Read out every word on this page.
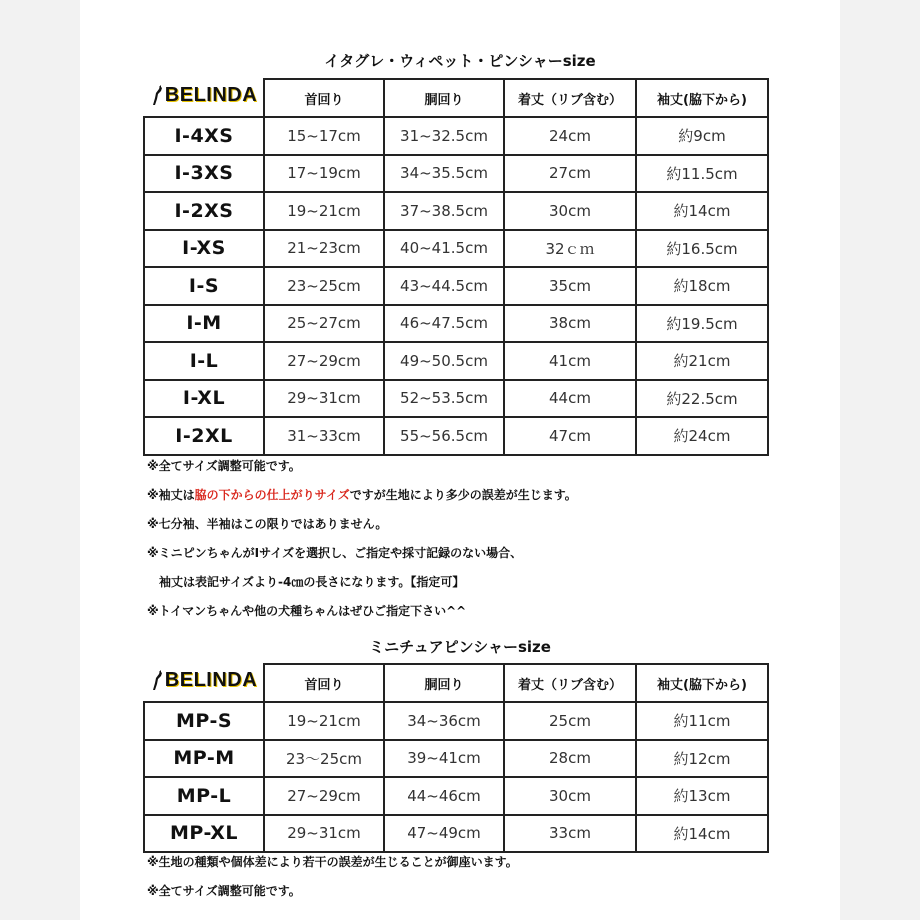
イタグレ・ウィペット・ピンシャーsize
BELINDA	首回り	胴回り	着丈（リブ含む）	袖丈(脇下から)
I-4XS	15~17cm	31~32.5cm	24cm	約9cm
I-3XS	17~19cm	34~35.5cm	27cm	約11.5cm
I-2XS	19~21cm	37~38.5cm	30cm	約14cm
I-XS	21~23cm	40~41.5cm	32ｃｍ	約16.5cm
I-S	23~25cm	43~44.5cm	35cm	約18cm
I-M	25~27cm	46~47.5cm	38cm	約19.5cm
I-L	27~29cm	49~50.5cm	41cm	約21cm
I-XL	29~31cm	52~53.5cm	44cm	約22.5cm
I-2XL	31~33cm	55~56.5cm	47cm	約24cm
※全てサイズ調整可能です。
※袖丈は脇の下からの仕上がりサイズですが生地により多少の誤差が生じます。
※七分袖、半袖はこの限りではありません。
※ミニピンちゃんがIサイズを選択し、ご指定や採寸記録のない場合、
袖丈は表記サイズより-4㎝の長さになります。【指定可】
※トイマンちゃんや他の犬種ちゃんはぜひご指定下さい^^
ミニチュアピンシャーsize
BELINDA	首回り	胴回り	着丈（リブ含む）	袖丈(脇下から)
MP-S	19~21cm	34~36cm	25cm	約11cm
MP-M	23～25cm	39~41cm	28cm	約12cm
MP-L	27~29cm	44~46cm	30cm	約13cm
MP-XL	29~31cm	47~49cm	33cm	約14cm
※生地の種類や個体差により若干の誤差が生じることが御座います。
※全てサイズ調整可能です。
